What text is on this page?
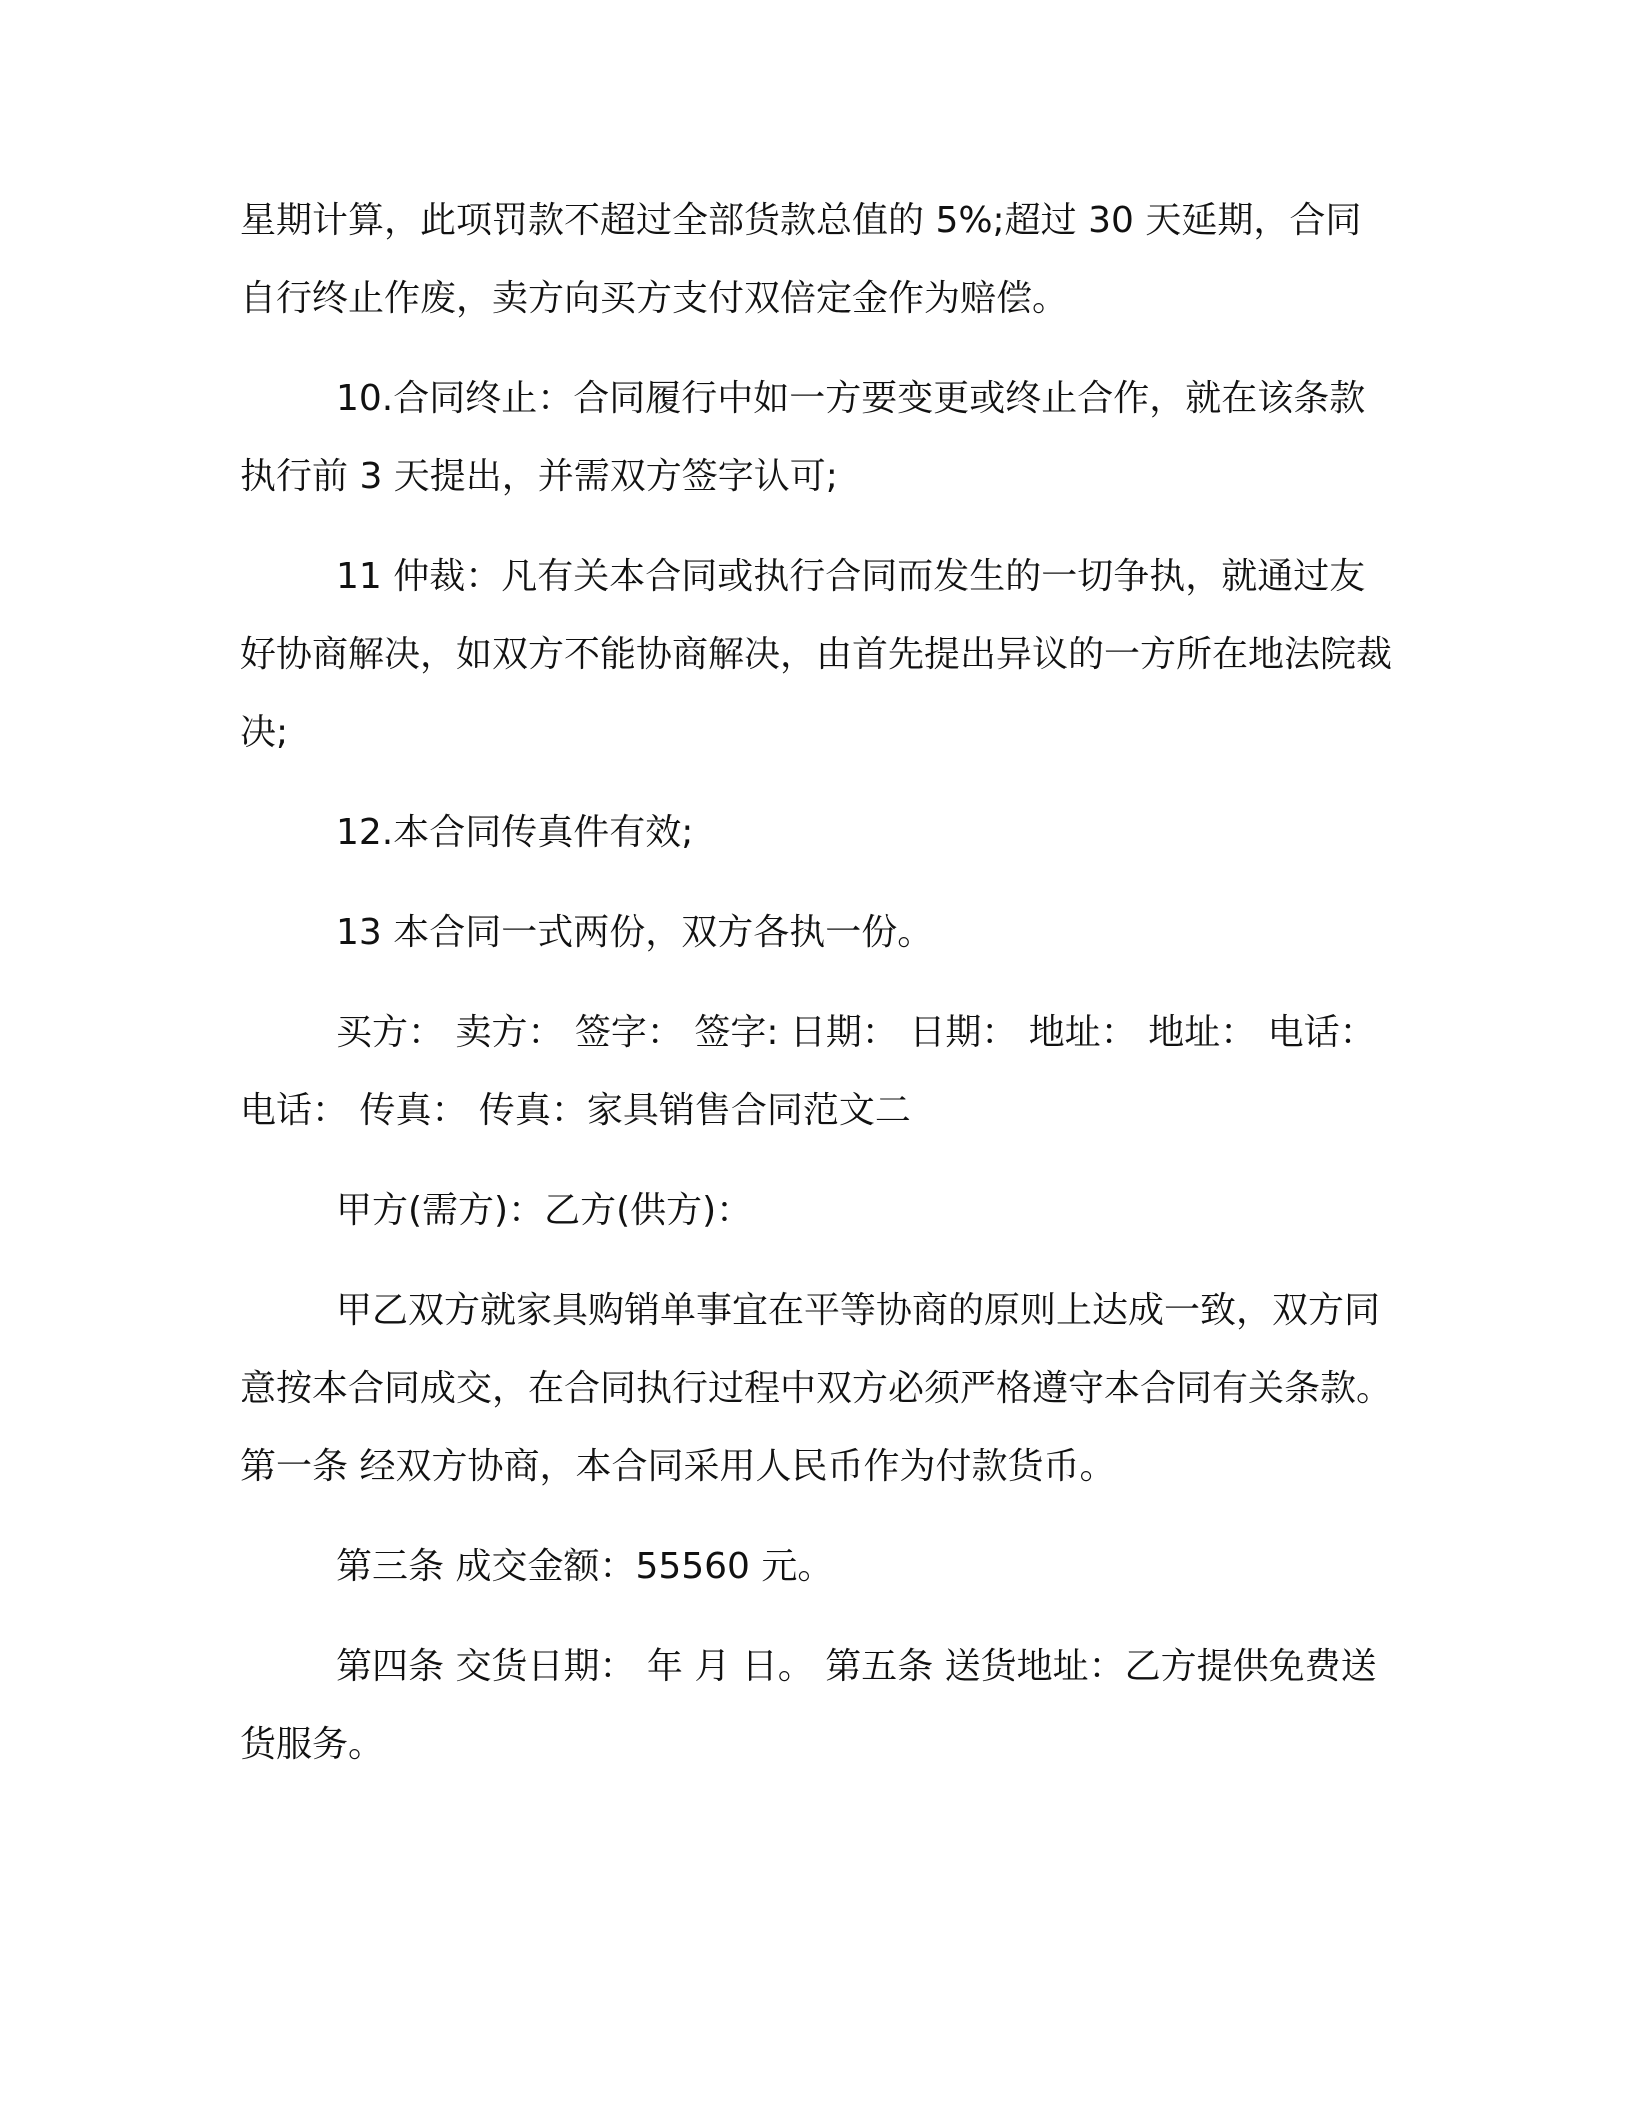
星期计算，此项罚款不超过全部货款总值的 5%;超过 30 天延期，合同自行终止作废，卖方向买方支付双倍定金作为赔偿。

10.合同终止：合同履行中如一方要变更或终止合作，就在该条款执行前 3 天提出，并需双方签字认可;

11 仲裁：凡有关本合同或执行合同而发生的一切争执，就通过友好协商解决，如双方不能协商解决，由首先提出异议的一方所在地法院裁决;

12.本合同传真件有效;

13 本合同一式两份，双方各执一份。

买方： 卖方： 签字： 签字: 日期： 日期： 地址： 地址： 电话： 电话： 传真： 传真：家具销售合同范文二

甲方(需方)：乙方(供方)：

甲乙双方就家具购销单事宜在平等协商的原则上达成一致，双方同意按本合同成交，在合同执行过程中双方必须严格遵守本合同有关条款。 第一条 经双方协商，本合同采用人民币作为付款货币。

第三条 成交金额：55560 元。

第四条 交货日期： 年 月 日。 第五条 送货地址：乙方提供免费送货服务。
